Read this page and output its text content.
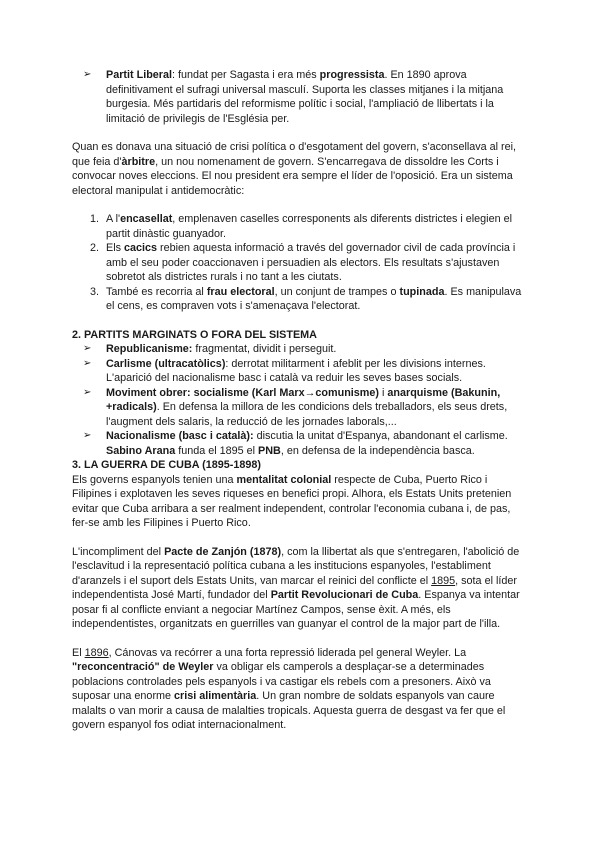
➢ Partit Liberal: fundat per Sagasta i era més progressista. En 1890 aprova definitivament el sufragi universal masculí. Suporta les classes mitjanes i la mitjana burgesia. Més partidaris del reformisme polític i social, l'ampliació de llibertats i la limitació de privilegis de l'Església per.

Quan es donava una situació de crisi política o d'esgotament del govern, s'aconsellava al rei, que feia d'àrbitre, un nou nomenament de govern. S'encarregava de dissoldre les Corts i convocar noves eleccions. El nou president era sempre el líder de l'oposició. Era un sistema electoral manipulat i antidemocràtic:

1. A l'encasellat, emplenaven caselles corresponents als diferents districtes i elegien el partit dinàstic guanyador.
2. Els cacics rebien aquesta informació a través del governador civil de cada província i amb el seu poder coaccionaven i persuadien als electors. Els resultats s'ajustaven sobretot als districtes rurals i no tant a les ciutats.
3. També es recorria al frau electoral, un conjunt de trampes o tupinada. Es manipulava el cens, es compraven vots i s'amenaçava l'electorat.

2. PARTITS MARGINATS O FORA DEL SISTEMA

➢ Republicanisme: fragmentat, dividit i perseguit.
➢ Carlisme (ultracatòlics): derrotat militarment i afeblit per les divisions internes. L'aparició del nacionalisme basc i català va reduir les seves bases socials.
➢ Moviment obrer: socialisme (Karl Marx→comunisme) i anarquisme (Bakunin, +radicals). En defensa la millora de les condicions dels treballadors, els seus drets, l'augment dels salaris, la reducció de les jornades laborals,...
➢ Nacionalisme (basc i català): discutia la unitat d'Espanya, abandonant el carlisme. Sabino Arana funda el 1895 el PNB, en defensa de la independència basca.

3. LA GUERRA DE CUBA (1895-1898)

Els governs espanyols tenien una mentalitat colonial respecte de Cuba, Puerto Rico i Filipines i explotaven les seves riqueses en benefici propi. Alhora, els Estats Units pretenien evitar que Cuba arribara a ser realment independent, controlar l'economia cubana i, de pas, fer-se amb les Filipines i Puerto Rico.

L'incompliment del Pacte de Zanjón (1878), com la llibertat als que s'entregaren, l'abolició de l'esclavitud i la representació política cubana a les institucions espanyoles, l'establiment d'aranzels i el suport dels Estats Units, van marcar el reinici del conflicte el 1895, sota el líder independentista José Martí, fundador del Partit Revolucionari de Cuba. Espanya va intentar posar fi al conflicte enviant a negociar Martínez Campos, sense èxit. A més, els independentistes, organitzats en guerrilles van guanyar el control de la major part de l'illa.

El 1896, Cánovas va recórrer a una forta repressió liderada pel general Weyler. La "reconcentració" de Weyler va obligar els camperols a desplaçar-se a determinades poblacions controlades pels espanyols i va castigar els rebels com a presoners. Això va suposar una enorme crisi alimentària. Un gran nombre de soldats espanyols van caure malalts o van morir a causa de malalties tropicals. Aquesta guerra de desgast va fer que el govern espanyol fos odiat internacionalment.
